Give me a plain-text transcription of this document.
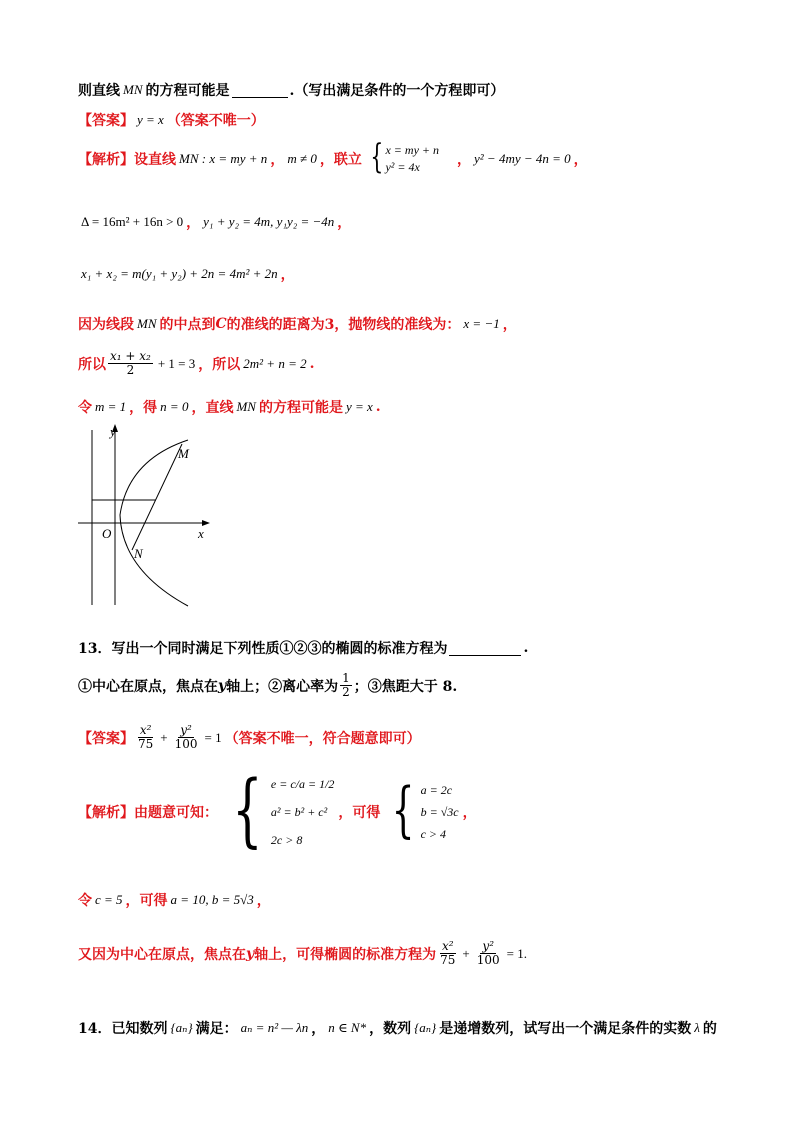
则直线 MN 的方程可能是	.（写出满足条件的一个方程即可）
【答案】 y = x （答案不唯一）
【解析】 设直线 MN : x = my + n ， m ≠ 0 ，联立 { x = my + n
y² = 4x	， y² − 4my − 4n = 0 ，
Δ = 16m² + 16n > 0 ， y₁ + y₂ = 4m, y₁y₂ = −4n ，
x₁ + x₂ = m(y₁ + y₂) + 2n = 4m² + 2n ，
因为线段 MN 的中点到 C 的准线的距离为3，抛物线的准线为： x = −1 ，
所以 $\frac{\text{x₁ + x₂}}{2} + 1 = 3$ ，所以 2m² + n = 2 .
令 m = 1 ，得 n = 0 ，直线 MN 的方程可能是 y = x .
y
x
O
M
N
13．写出一个同时满足下列性质①②③的椭圆的标准方程为	.
①中心在原点，焦点在 y 轴上；②离心率为 $\frac{1}{2}$ ；③焦距大于 8.
【答案】 $\frac{\text{x²}}{75} + \frac{\text{y²}}{100} = 1$ （答案不唯一，符合题意即可）
【解析】 由题意可知： { e = c/a = 1/2
a² = b² + c²
2c > 8
，可得 { a = 2c
b = √3c
c > 4
，
令 c = 5 ，可得 a = 10, b = 5√3 ，
又因为中心在原点，焦点在 y 轴上，可得椭圆的标准方程为 $\frac{\text{x²}}{75} + \frac{\text{y²}}{100} = 1$.
14．已知数列 {aₙ} 满足： aₙ = n² — λn ， n ∈ N* ，数列 {aₙ} 是递增数列，试写出一个满足条件的实数 λ 的
